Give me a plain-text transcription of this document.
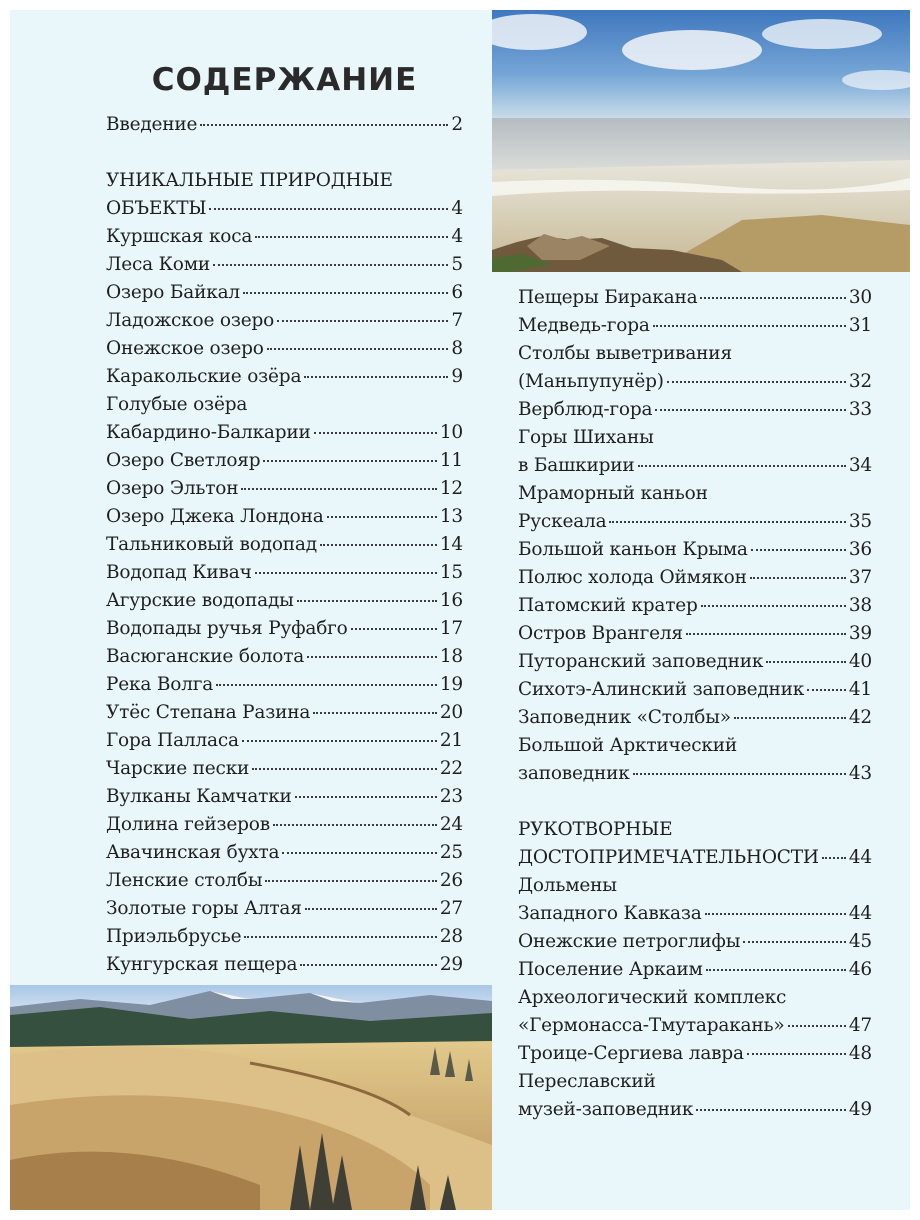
СОДЕРЖАНИЕ
Введение	2
УНИКАЛЬНЫЕ ПРИРОДНЫЕ
ОБЪЕКТЫ	4
Куршская коса	4
Леса Коми	5
Озеро Байкал	6
Ладожское озеро	7
Онежское озеро	8
Каракольские озёра	9
Голубые озёра
Кабардино-Балкарии	10
Озеро Светлояр	11
Озеро Эльтон	12
Озеро Джека Лондона	13
Тальниковый водопад	14
Водопад Кивач	15
Агурские водопады	16
Водопады ручья Руфабго	17
Васюганские болота	18
Река Волга	19
Утёс Степана Разина	20
Гора Палласа	21
Чарские пески	22
Вулканы Камчатки	23
Долина гейзеров	24
Авачинская бухта	25
Ленские столбы	26
Золотые горы Алтая	27
Приэльбрусье	28
Кунгурская пещера	29
Пещеры Биракана	30
Медведь-гора	31
Столбы выветривания
(Маньпупунёр)	32
Верблюд-гора	33
Горы Шиханы
в Башкирии	34
Мраморный каньон
Рускеала	35
Большой каньон Крыма	36
Полюс холода Оймякон	37
Патомский кратер	38
Остров Врангеля	39
Путоранский заповедник	40
Сихотэ-Алинский заповедник 41
Заповедник «Столбы»	42
Большой Арктический
заповедник	43
РУКОТВОРНЫЕ
ДОСТОПРИМЕЧАТЕЛЬНОСТИ 44
Дольмены
Западного Кавказа	44
Онежские петроглифы	45
Поселение Аркаим	46
Археологический комплекс
«Гермонасса-Тмутаракань»	47
Троице-Сергиева лавра	48
Переславский
музей-заповедник	49
